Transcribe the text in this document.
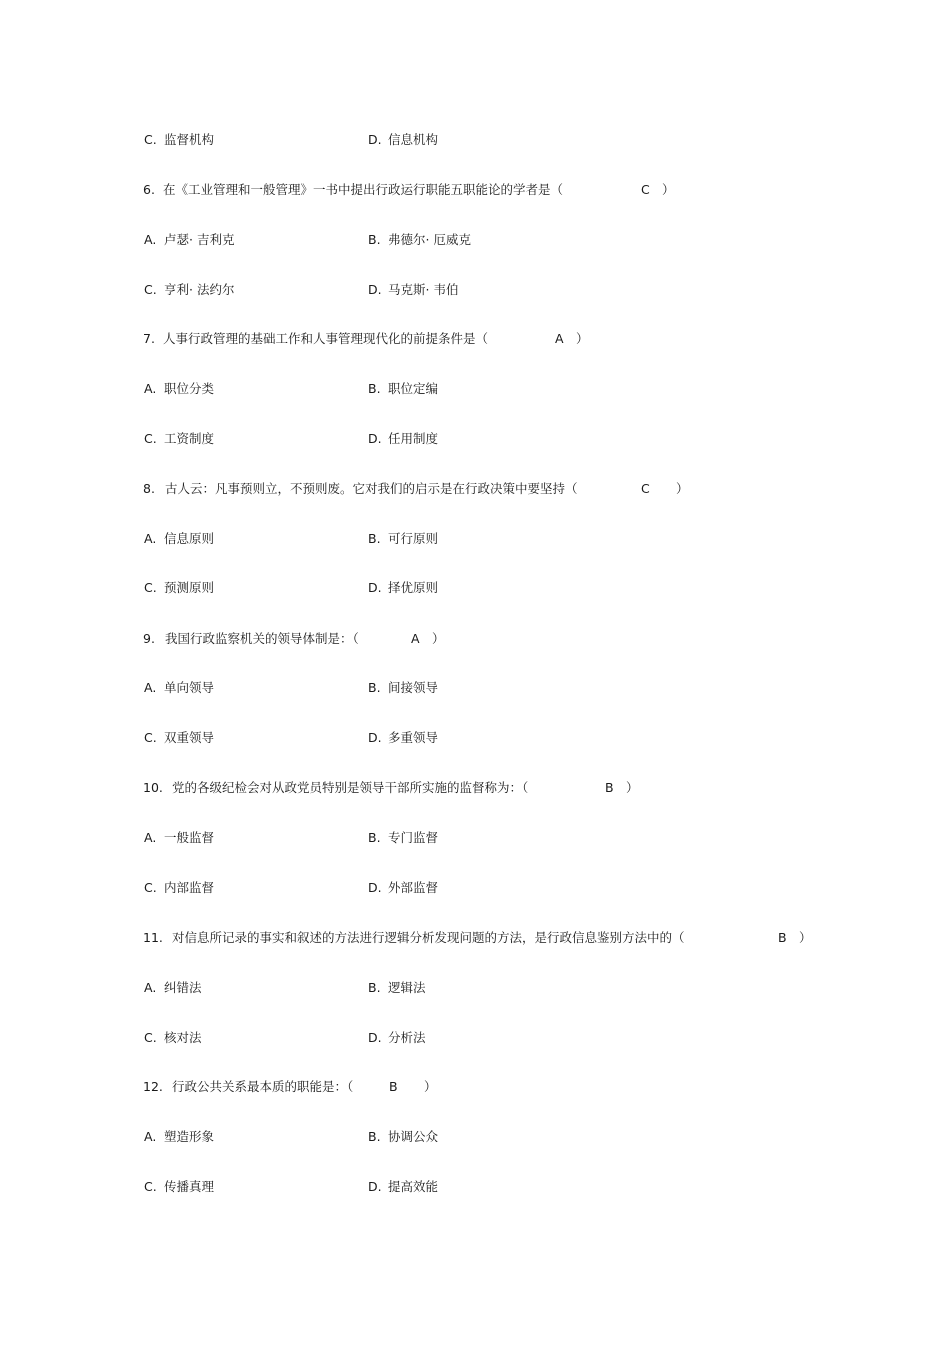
C. 监督机构	D. 信息机构
6. 在《工业管理和一般管理》一书中提出行政运行职能五职能论的学者是（	C ）
A. 卢瑟· 吉利克	B. 弗德尔· 厄威克
C. 亨利· 法约尔	D. 马克斯· 韦伯
7. 人事行政管理的基础工作和人事管理现代化的前提条件是（	A ）
A. 职位分类	B. 职位定编
C. 工资制度	D. 任用制度
8. 古人云：凡事预则立，不预则废。它对我们的启示是在行政决策中要坚持（	C ）
A. 信息原则	B. 可行原则
C. 预测原则	D. 择优原则
9. 我国行政监察机关的领导体制是：（	A ）
A. 单向领导	B. 间接领导
C. 双重领导	D. 多重领导
10. 党的各级纪检会对从政党员特别是领导干部所实施的监督称为：（	B ）
A. 一般监督	B. 专门监督
C. 内部监督	D. 外部监督
11. 对信息所记录的事实和叙述的方法进行逻辑分析发现问题的方法，是行政信息鉴别方法中的（	B ）
A. 纠错法	B. 逻辑法
C. 核对法	D. 分析法
12. 行政公共关系最本质的职能是：（	B ）
A. 塑造形象	B. 协调公众
C. 传播真理	D. 提高效能
